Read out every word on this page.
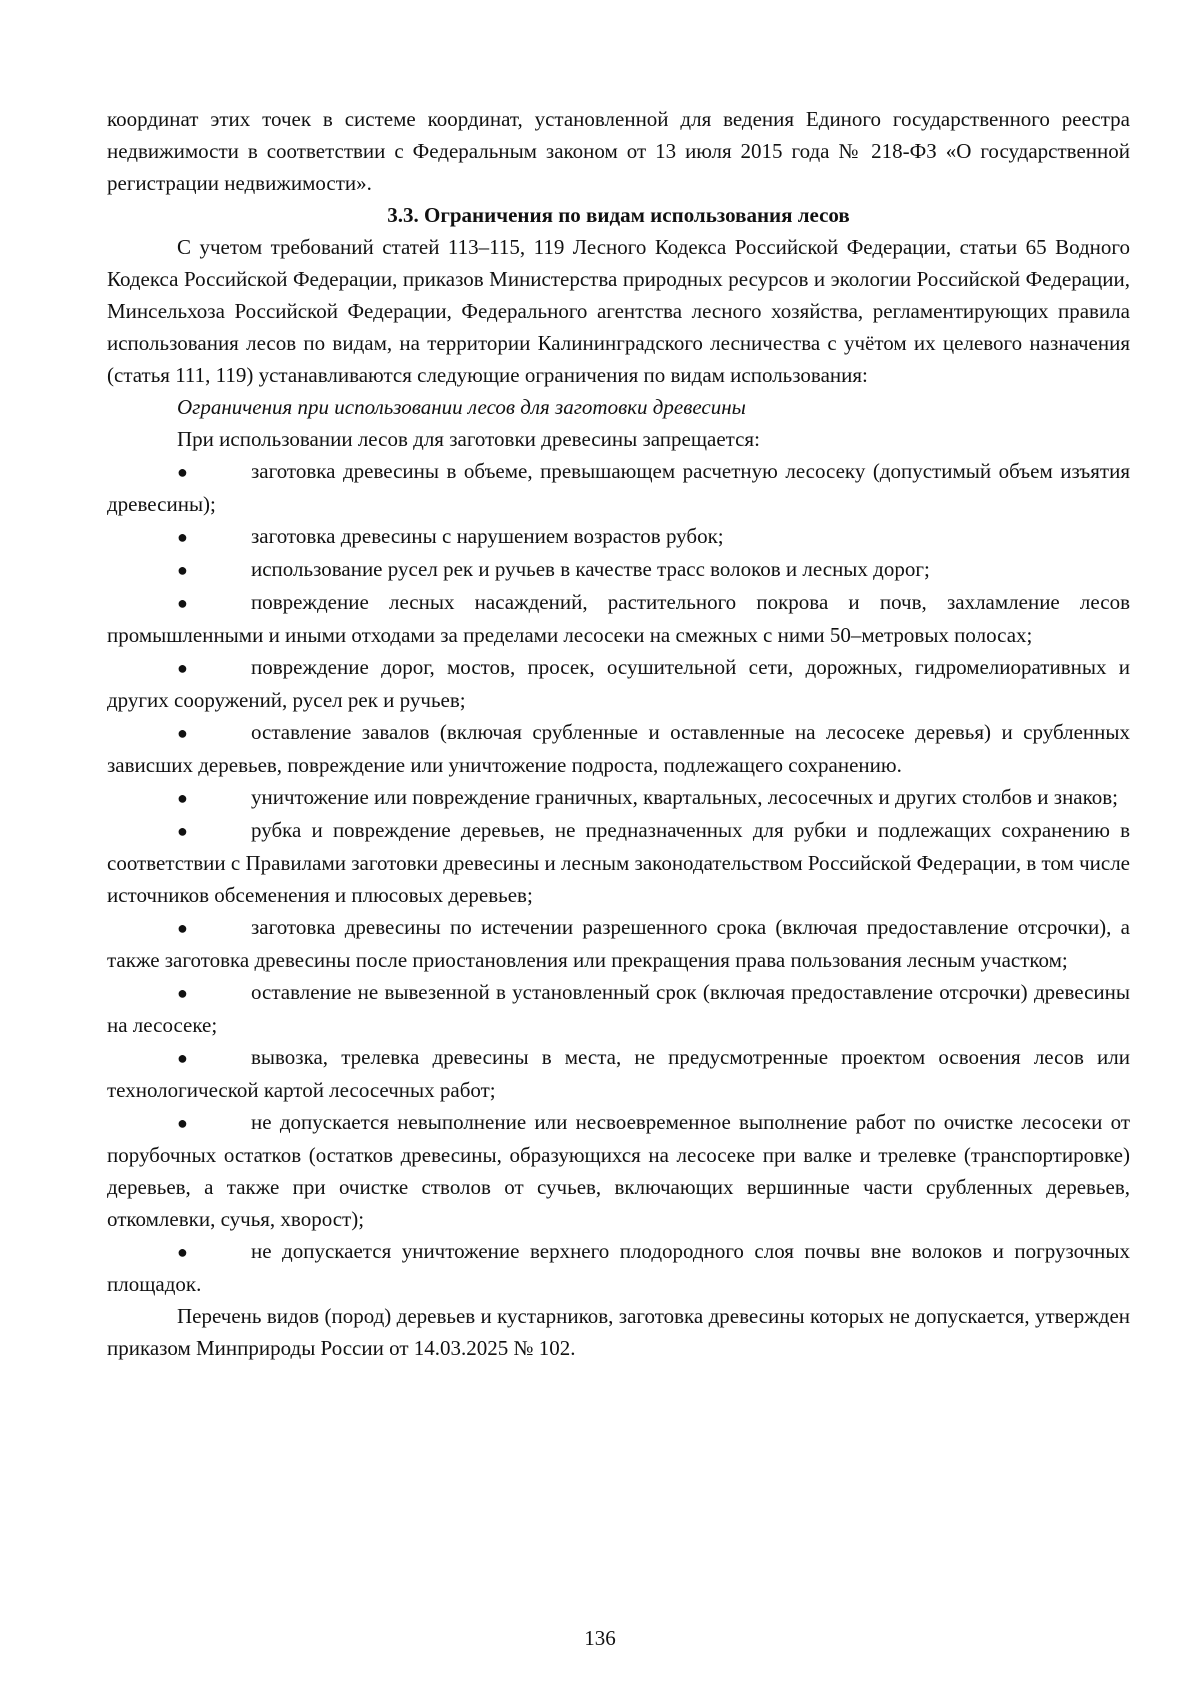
координат этих точек в системе координат, установленной для ведения Единого государственного реестра недвижимости в соответствии с Федеральным законом от 13 июля 2015 года № 218-ФЗ «О государственной регистрации недвижимости».

3.3. Ограничения по видам использования лесов

С учетом требований статей 113–115, 119 Лесного Кодекса Российской Федерации, статьи 65 Водного Кодекса Российской Федерации, приказов Министерства природных ресурсов и экологии Российской Федерации, Минсельхоза Российской Федерации, Федерального агентства лесного хозяйства, регламентирующих правила использования лесов по видам, на территории Калининградского лесничества с учётом их целевого назначения (статья 111, 119) устанавливаются следующие ограничения по видам использования:

Ограничения при использовании лесов для заготовки древесины

При использовании лесов для заготовки древесины запрещается:

●	заготовка древесины в объеме, превышающем расчетную лесосеку (допустимый объем изъятия древесины);

●	заготовка древесины с нарушением возрастов рубок;

●	использование русел рек и ручьев в качестве трасс волоков и лесных дорог;

●	повреждение лесных насаждений, растительного покрова и почв, захламление лесов промышленными и иными отходами за пределами лесосеки на смежных с ними 50–метровых полосах;

●	повреждение дорог, мостов, просек, осушительной сети, дорожных, гидромелиоративных и других сооружений, русел рек и ручьев;

●	оставление завалов (включая срубленные и оставленные на лесосеке деревья) и срубленных зависших деревьев, повреждение или уничтожение подроста, подлежащего сохранению.

●	уничтожение или повреждение граничных, квартальных, лесосечных и других столбов и знаков;

●	рубка и повреждение деревьев, не предназначенных для рубки и подлежащих сохранению в соответствии с Правилами заготовки древесины и лесным законодательством Российской Федерации, в том числе источников обсеменения и плюсовых деревьев;

●	заготовка древесины по истечении разрешенного срока (включая предоставление отсрочки), а также заготовка древесины после приостановления или прекращения права пользования лесным участком;

●	оставление не вывезенной в установленный срок (включая предоставление отсрочки) древесины на лесосеке;

●	вывозка, трелевка древесины в места, не предусмотренные проектом освоения лесов или технологической картой лесосечных работ;

●	не допускается невыполнение или несвоевременное выполнение работ по очистке лесосеки от порубочных остатков (остатков древесины, образующихся на лесосеке при валке и трелевке (транспортировке) деревьев, а также при очистке стволов от сучьев, включающих вершинные части срубленных деревьев, откомлевки, сучья, хворост);

●	не допускается уничтожение верхнего плодородного слоя почвы вне волоков и погрузочных площадок.

Перечень видов (пород) деревьев и кустарников, заготовка древесины которых не допускается, утвержден приказом Минприроды России от 14.03.2025 № 102.

136
